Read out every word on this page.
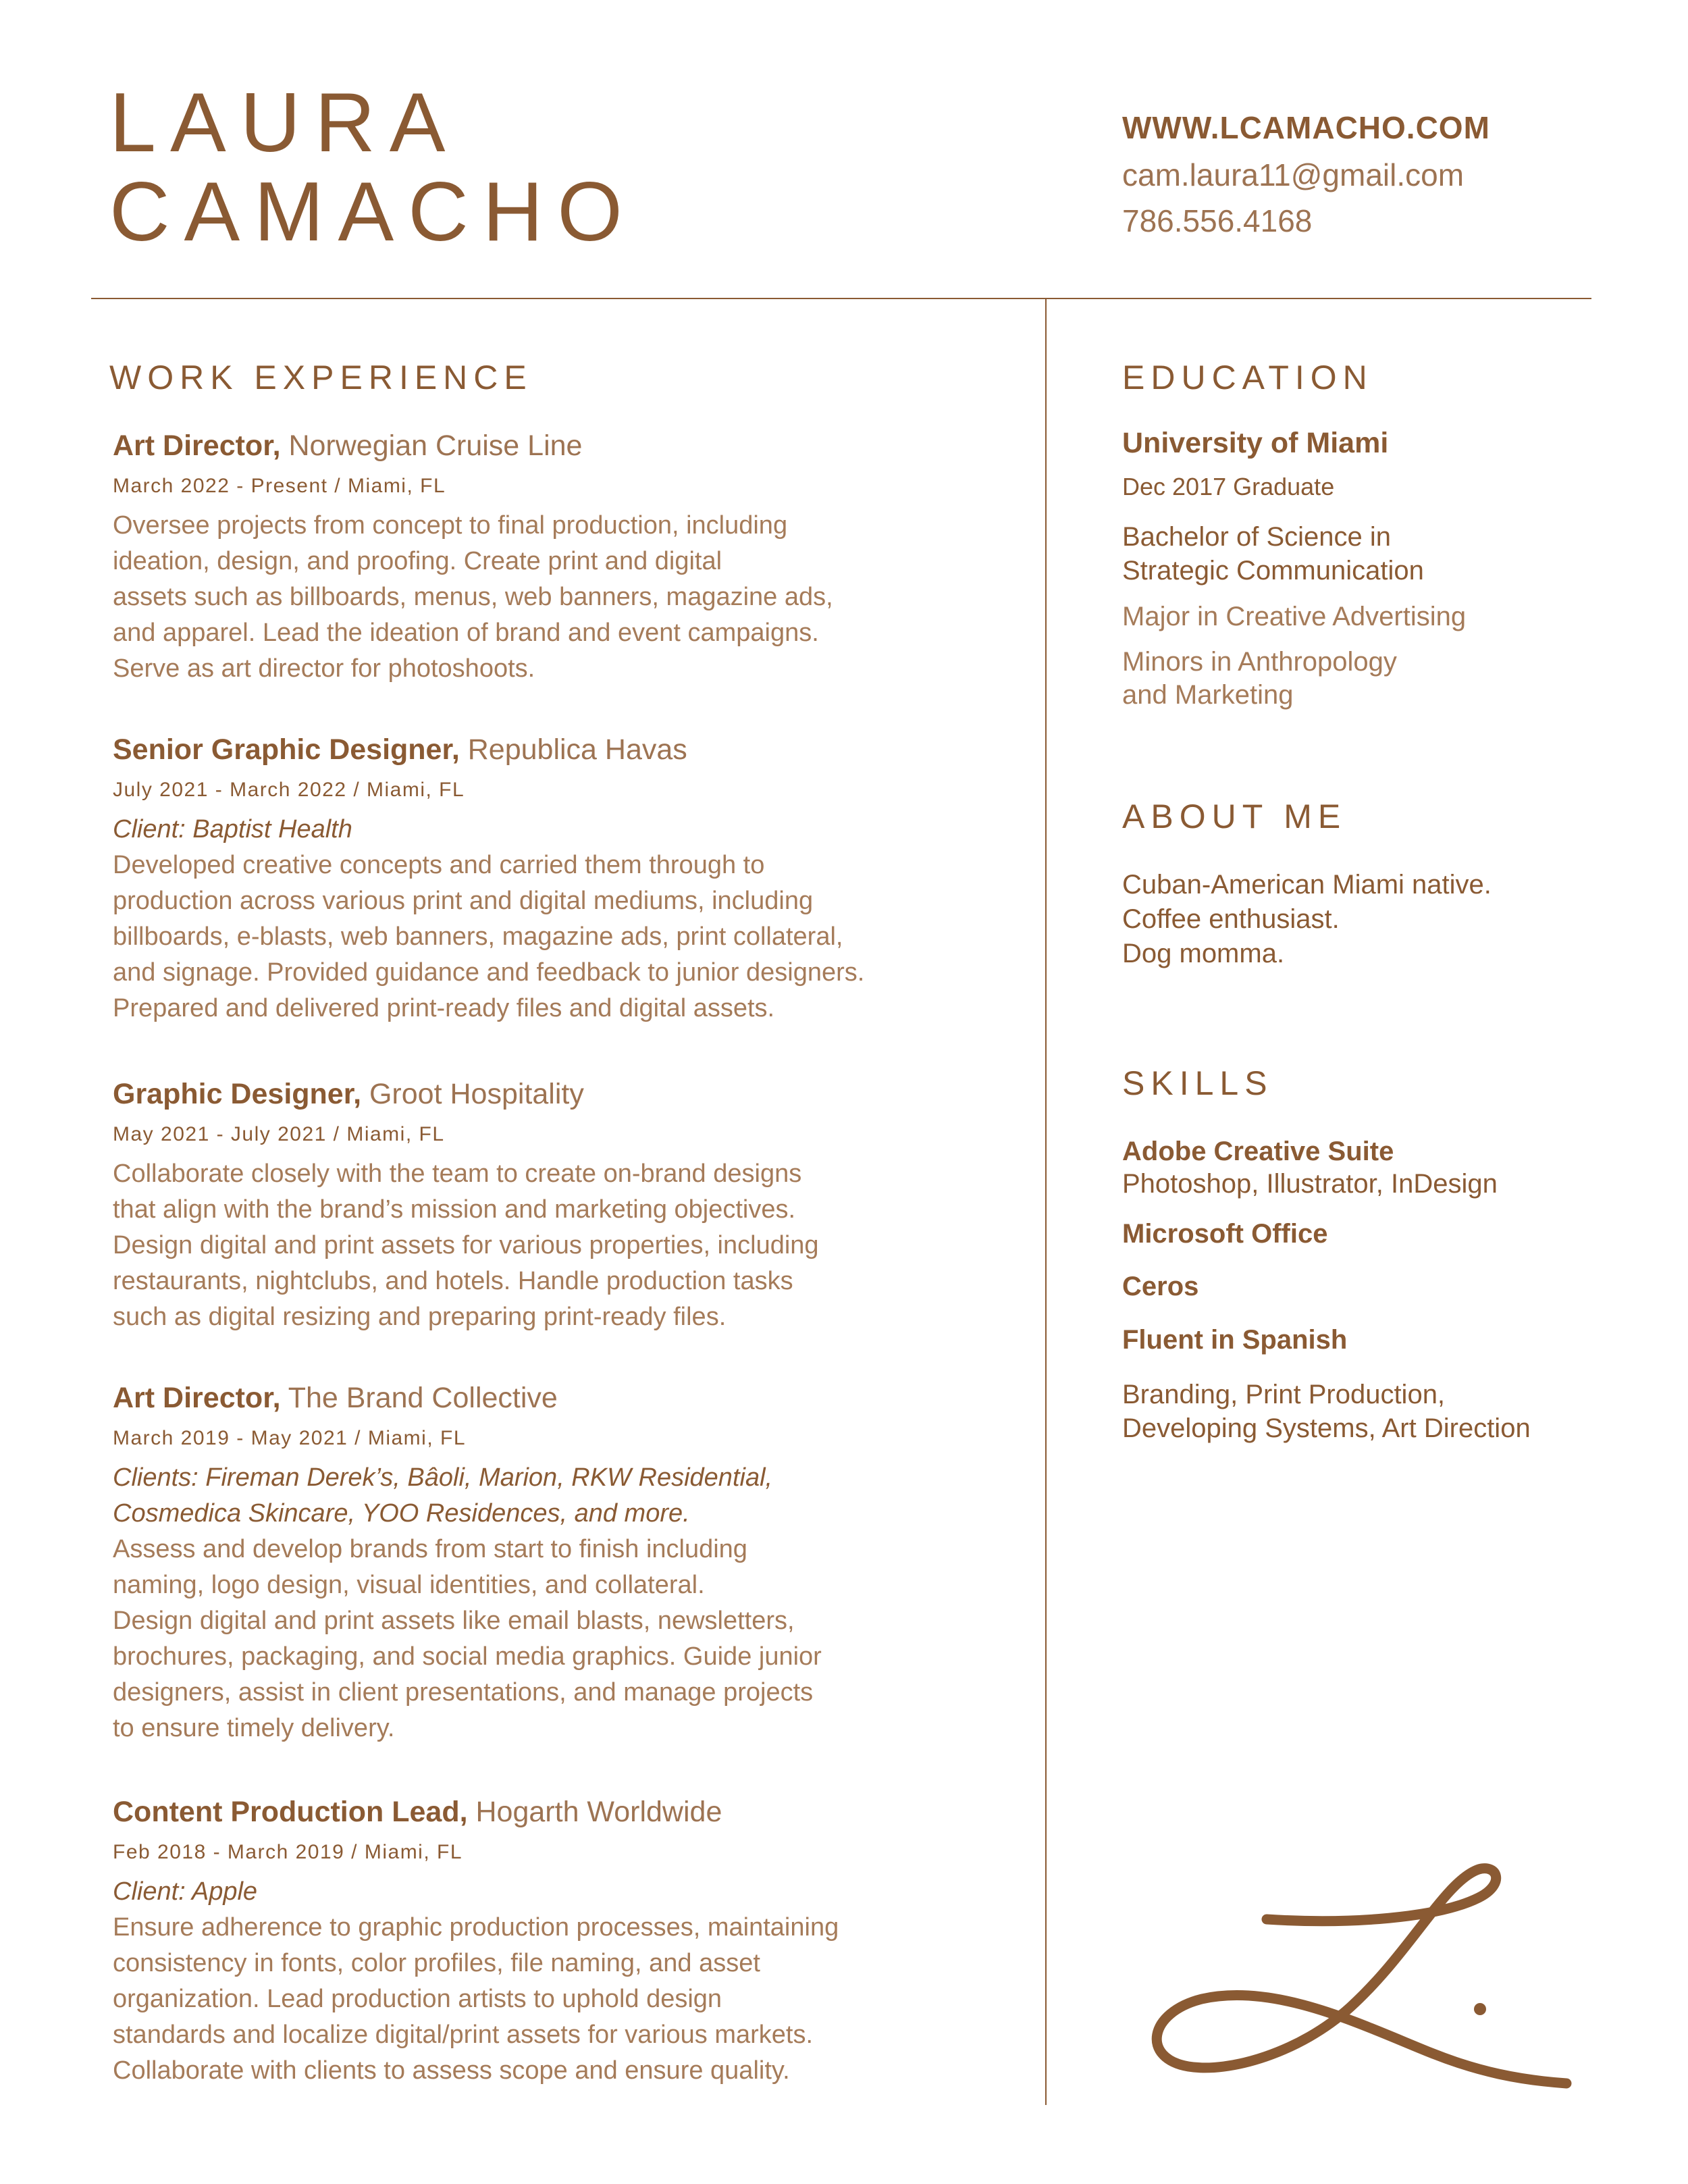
LAURA
CAMACHO
WWW.LCAMACHO.COM
cam.laura11@gmail.com
786.556.4168
WORK EXPERIENCE
Art Director, Norwegian Cruise Line
March 2022 - Present / Miami, FL
Oversee projects from concept to final production, including
ideation, design, and proofing. Create print and digital
assets such as billboards, menus, web banners, magazine ads,
and apparel. Lead the ideation of brand and event campaigns.
Serve as art director for photoshoots.
Senior Graphic Designer, Republica Havas
July 2021 - March 2022 / Miami, FL
Client: Baptist Health
Developed creative concepts and carried them through to
production across various print and digital mediums, including
billboards, e-blasts, web banners, magazine ads, print collateral,
and signage. Provided guidance and feedback to junior designers.
Prepared and delivered print-ready files and digital assets.
Graphic Designer, Groot Hospitality
May 2021 - July 2021 / Miami, FL
Collaborate closely with the team to create on-brand designs
that align with the brand’s mission and marketing objectives.
Design digital and print assets for various properties, including
restaurants, nightclubs, and hotels. Handle production tasks
such as digital resizing and preparing print-ready files.
Art Director, The Brand Collective
March 2019 - May 2021 / Miami, FL
Clients: Fireman Derek’s, Bâoli, Marion, RKW Residential,
Cosmedica Skincare, YOO Residences, and more.
Assess and develop brands from start to finish including
naming, logo design, visual identities, and collateral.
Design digital and print assets like email blasts, newsletters,
brochures, packaging, and social media graphics. Guide junior
designers, assist in client presentations, and manage projects
to ensure timely delivery.
Content Production Lead, Hogarth Worldwide
Feb 2018 - March 2019 / Miami, FL
Client: Apple
Ensure adherence to graphic production processes, maintaining
consistency in fonts, color profiles, file naming, and asset
organization. Lead production artists to uphold design
standards and localize digital/print assets for various markets.
Collaborate with clients to assess scope and ensure quality.
EDUCATION
University of Miami
Dec 2017 Graduate
Bachelor of Science in
Strategic Communication
Major in Creative Advertising
Minors in Anthropology
and Marketing
ABOUT ME
Cuban-American Miami native.
Coffee enthusiast.
Dog momma.
SKILLS
Adobe Creative Suite
Photoshop, Illustrator, InDesign
Microsoft Office
Ceros
Fluent in Spanish
Branding, Print Production,
Developing Systems, Art Direction
